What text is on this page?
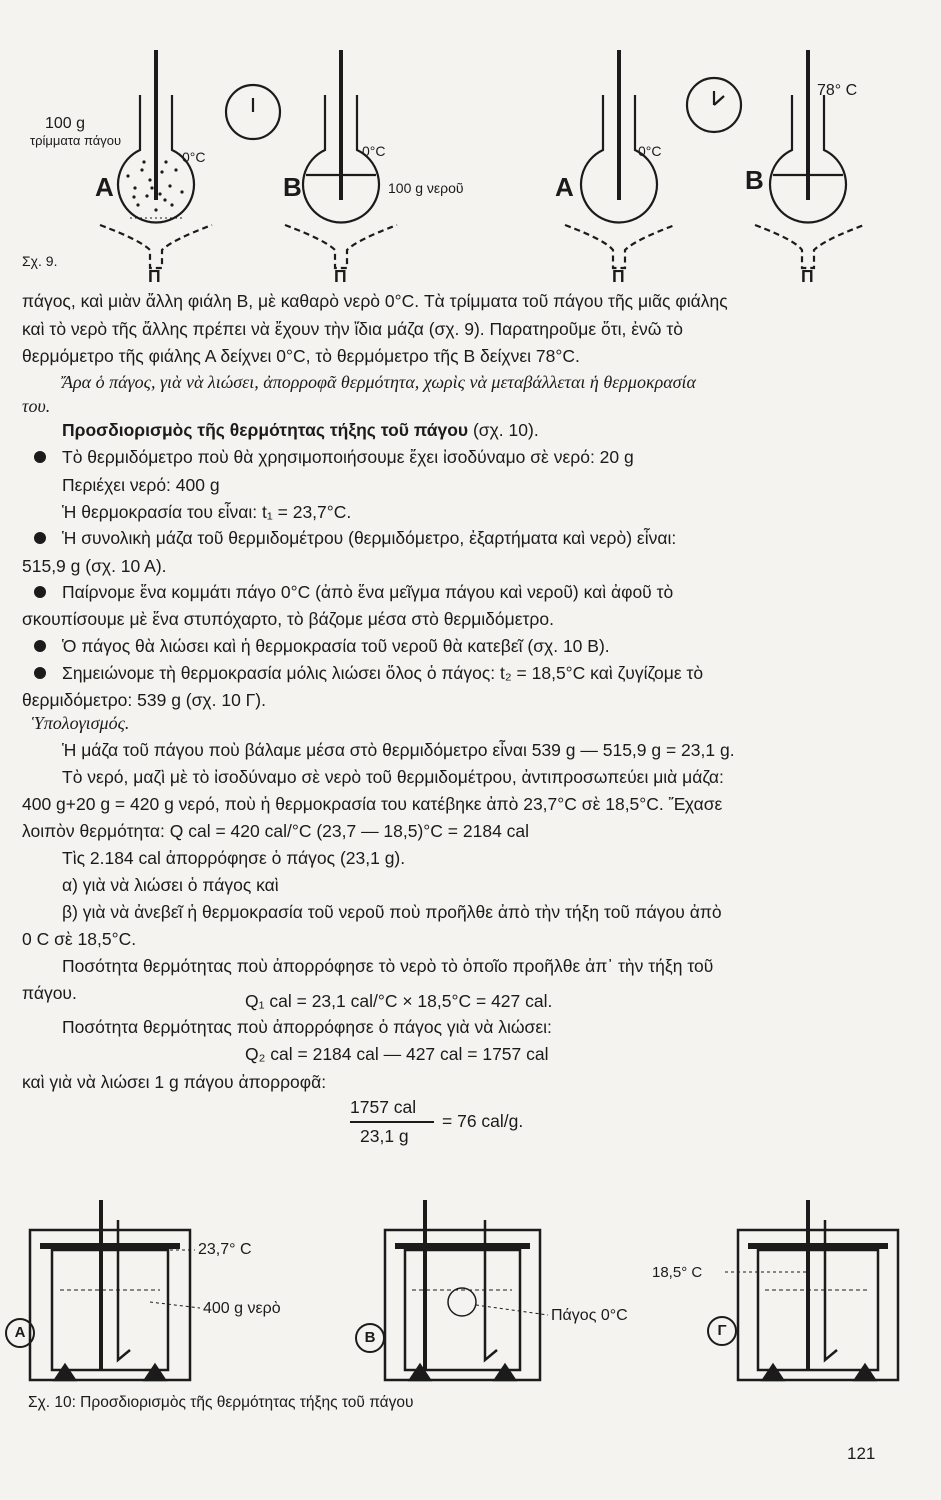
100 g
τρίμματα πάγου
0°C
A
0°C
B	100 g νεροῦ
0°C
A	B
78° C
Π	Π	Π	Π
Σχ. 9.
πάγος, καὶ μιὰν ἄλλη φιάλη Β, μὲ καθαρὸ νερὸ 0°C. Τὰ τρίμματα τοῦ πάγου τῆς μιᾶς φιάλης
καὶ τὸ νερὸ τῆς ἄλλης πρέπει νὰ ἔχουν τὴν ἴδια μάζα (σχ. 9). Παρατηροῦμε ὅτι, ἐνῶ τὸ
θερμόμετρο τῆς φιάλης Α δείχνει 0°C, τὸ θερμόμετρο τῆς Β δείχνει 78°C.
Ἄρα ὁ πάγος, γιὰ νὰ λιώσει, ἀπορροφᾶ θερμότητα, χωρὶς νὰ μεταβάλλεται ἡ θερμοκρασία
του.
Προσδιορισμὸς τῆς θερμότητας τήξης τοῦ πάγου (σχ. 10).
Τὸ θερμιδόμετρο ποὺ θὰ χρησιμοποιήσουμε ἔχει ἰσοδύναμο σὲ νερό: 20 g
Περιέχει νερό: 400 g
Ἡ θερμοκρασία του εἶναι: t₁ = 23,7°C.
Ἡ συνολικὴ μάζα τοῦ θερμιδομέτρου (θερμιδόμετρο, ἐξαρτήματα καὶ νερὸ) εἶναι:
515,9 g (σχ. 10 Α).
Παίρνομε ἕνα κομμάτι πάγο 0°C (ἀπὸ ἕνα μεῖγμα πάγου καὶ νεροῦ) καὶ ἀφοῦ τὸ
σκουπίσουμε μὲ ἕνα στυπόχαρτο, τὸ βάζομε μέσα στὸ θερμιδόμετρο.
Ὁ πάγος θὰ λιώσει καὶ ἡ θερμοκρασία τοῦ νεροῦ θὰ κατεβεῖ (σχ. 10 Β).
Σημειώνομε τὴ θερμοκρασία μόλις λιώσει ὅλος ὁ πάγος: t₂ = 18,5°C καὶ ζυγίζομε τὸ
θερμιδόμετρο: 539 g (σχ. 10 Γ).
Ὑπολογισμός.
Ἡ μάζα τοῦ πάγου ποὺ βάλαμε μέσα στὸ θερμιδόμετρο εἶναι 539 g — 515,9 g = 23,1 g.
Τὸ νερό, μαζὶ μὲ τὸ ἰσοδύναμο σὲ νερὸ τοῦ θερμιδομέτρου, ἀντιπροσωπεύει μιὰ μάζα:
400 g+20 g = 420 g νερό, ποὺ ἡ θερμοκρασία του κατέβηκε ἀπὸ 23,7°C σὲ 18,5°C. Ἔχασε
λοιπὸν θερμότητα: Q cal = 420 cal/°C (23,7 — 18,5)°C = 2184 cal
Τὶς 2.184 cal ἀπορρόφησε ὁ πάγος (23,1 g).
α) γιὰ νὰ λιώσει ὁ πάγος καὶ
β) γιὰ νὰ ἀνεβεῖ ἡ θερμοκρασία τοῦ νεροῦ ποὺ προῆλθε ἀπὸ τὴν τήξη τοῦ πάγου ἀπὸ
0 C σὲ 18,5°C.
Ποσότητα θερμότητας ποὺ ἀπορρόφησε τὸ νερὸ τὸ ὁποῖο προῆλθε ἀπ᾽ τὴν τήξη τοῦ
πάγου.	Q₁ cal = 23,1 cal/°C × 18,5°C = 427 cal.
Ποσότητα θερμότητας ποὺ ἀπορρόφησε ὁ πάγος γιὰ νὰ λιώσει:
Q₂ cal = 2184 cal — 427 cal = 1757 cal
καὶ γιὰ νὰ λιώσει 1 g πάγου ἀπορροφᾶ:
1757 cal
23,1 g
= 76 cal/g.
23,7° C
400 g νερὸ	Πάγος 0°C
18,5° C
Α	Β	Γ
Σχ. 10: Προσδιορισμὸς τῆς θερμότητας τήξης τοῦ πάγου
121
